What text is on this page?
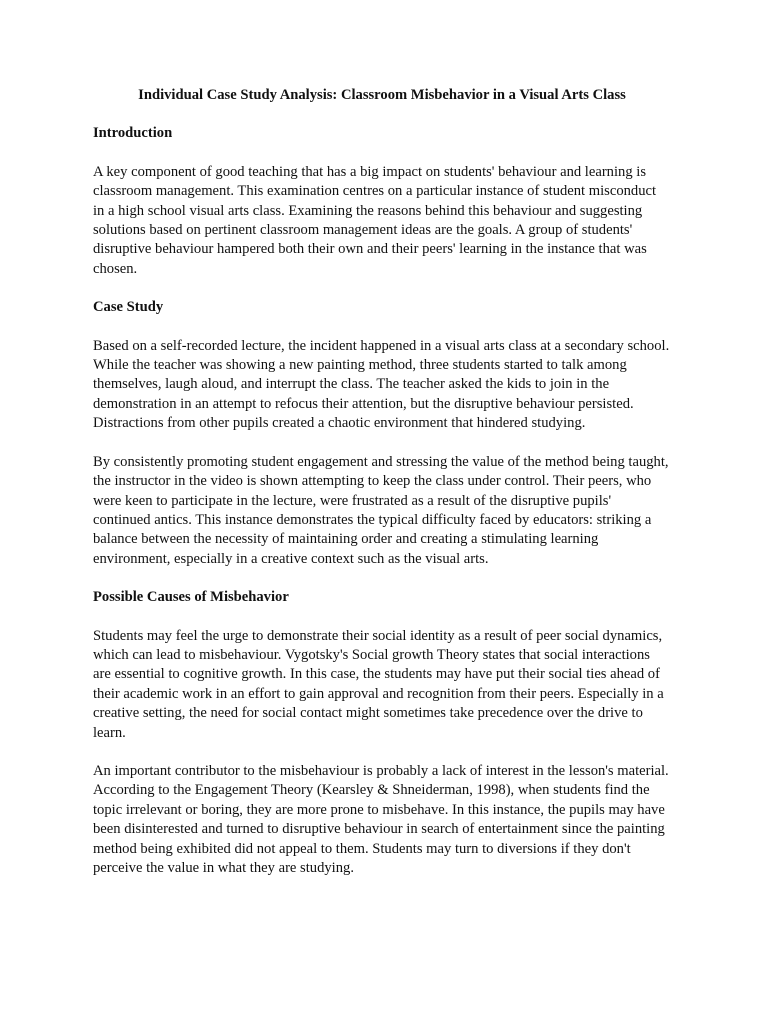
Individual Case Study Analysis: Classroom Misbehavior in a Visual Arts Class
Introduction

A key component of good teaching that has a big impact on students' behaviour and learning is classroom management. This examination centres on a particular instance of student misconduct in a high school visual arts class. Examining the reasons behind this behaviour and suggesting solutions based on pertinent classroom management ideas are the goals. A group of students' disruptive behaviour hampered both their own and their peers' learning in the instance that was chosen.

Case Study

Based on a self-recorded lecture, the incident happened in a visual arts class at a secondary school. While the teacher was showing a new painting method, three students started to talk among themselves, laugh aloud, and interrupt the class. The teacher asked the kids to join in the demonstration in an attempt to refocus their attention, but the disruptive behaviour persisted. Distractions from other pupils created a chaotic environment that hindered studying.

By consistently promoting student engagement and stressing the value of the method being taught, the instructor in the video is shown attempting to keep the class under control. Their peers, who were keen to participate in the lecture, were frustrated as a result of the disruptive pupils' continued antics. This instance demonstrates the typical difficulty faced by educators: striking a balance between the necessity of maintaining order and creating a stimulating learning environment, especially in a creative context such as the visual arts.

Possible Causes of Misbehavior

Students may feel the urge to demonstrate their social identity as a result of peer social dynamics, which can lead to misbehaviour. Vygotsky's Social growth Theory states that social interactions are essential to cognitive growth. In this case, the students may have put their social ties ahead of their academic work in an effort to gain approval and recognition from their peers. Especially in a creative setting, the need for social contact might sometimes take precedence over the drive to learn.

An important contributor to the misbehaviour is probably a lack of interest in the lesson's material. According to the Engagement Theory (Kearsley & Shneiderman, 1998), when students find the topic irrelevant or boring, they are more prone to misbehave. In this instance, the pupils may have been disinterested and turned to disruptive behaviour in search of entertainment since the painting method being exhibited did not appeal to them. Students may turn to diversions if they don't perceive the value in what they are studying.
